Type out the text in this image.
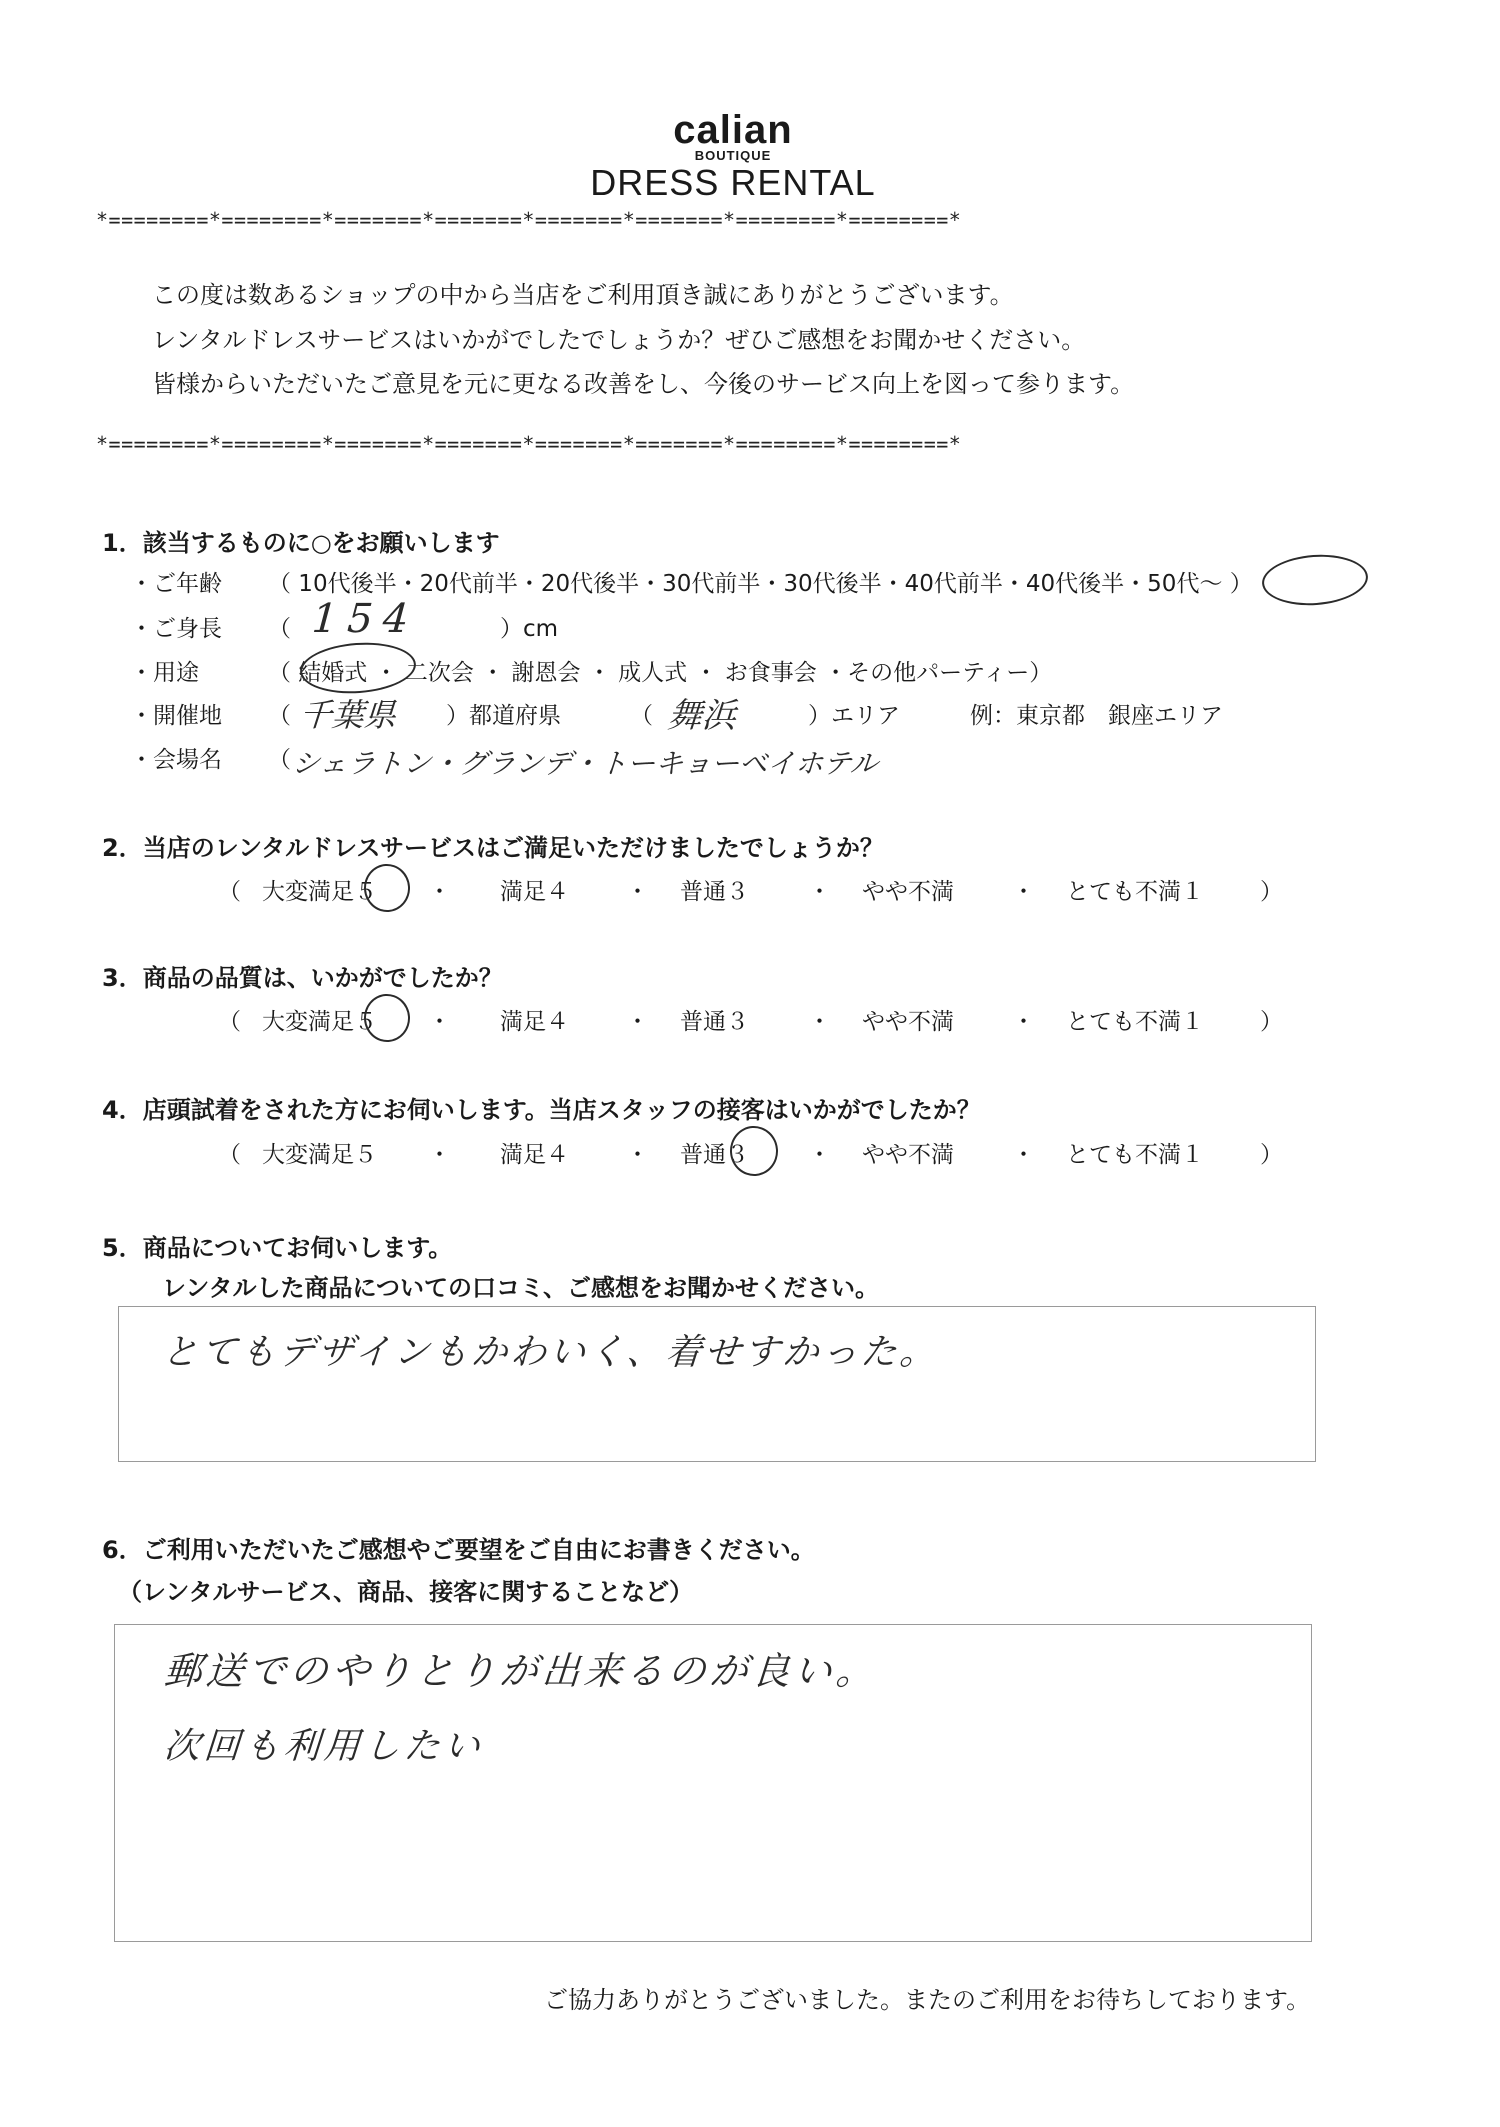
calian
BOUTIQUE
DRESS RENTAL
*========*========*=======*=======*=======*=======*========*========*
この度は数あるショップの中から当店をご利用頂き誠にありがとうございます。
レンタルドレスサービスはいかがでしたでしょうか？ぜひご感想をお聞かせください。
皆様からいただいたご意見を元に更なる改善をし、今後のサービス向上を図って参ります。
*========*========*=======*=======*=======*=======*========*========*
1．該当するものに○をお願いします
・ご年齢 （ 10代後半・20代前半・20代後半・30代前半・30代後半・40代前半・40代後半・50代～ ）
・ご身長 （ 154	）cm
・用途	（ 結婚式 ・ 二次会 ・ 謝恩会 ・ 成人式 ・ お食事会 ・その他パーティー）
・開催地 （ 千葉県 ）都道府県	（ 舞浜	）エリア	例：東京都　銀座エリア
・会場名 （ シェラトン・グランデ・トーキョーベイホテル
2．当店のレンタルドレスサービスはご満足いただけましたでしょうか？
（ 大変満足５ ・ 満足４ ・ 普通３	・ やや不満	・ とても不満１ ）
3．商品の品質は、いかがでしたか？
（ 大変満足５ ・ 満足４ ・ 普通３	・ やや不満	・ とても不満１ ）
4．店頭試着をされた方にお伺いします。当店スタッフの接客はいかがでしたか？
（ 大変満足５ ・ 満足４ ・ 普通３	・ やや不満	・ とても不満１ ）
5．商品についてお伺いします。
レンタルした商品についての口コミ、ご感想をお聞かせください。
とてもデザインもかわいく、着せすかった。
6．ご利用いただいたご感想やご要望をご自由にお書きください。
（レンタルサービス、商品、接客に関することなど）
郵送でのやりとりが出来るのが良い。
次回も利用したい
ご協力ありがとうございました。またのご利用をお待ちしております。
